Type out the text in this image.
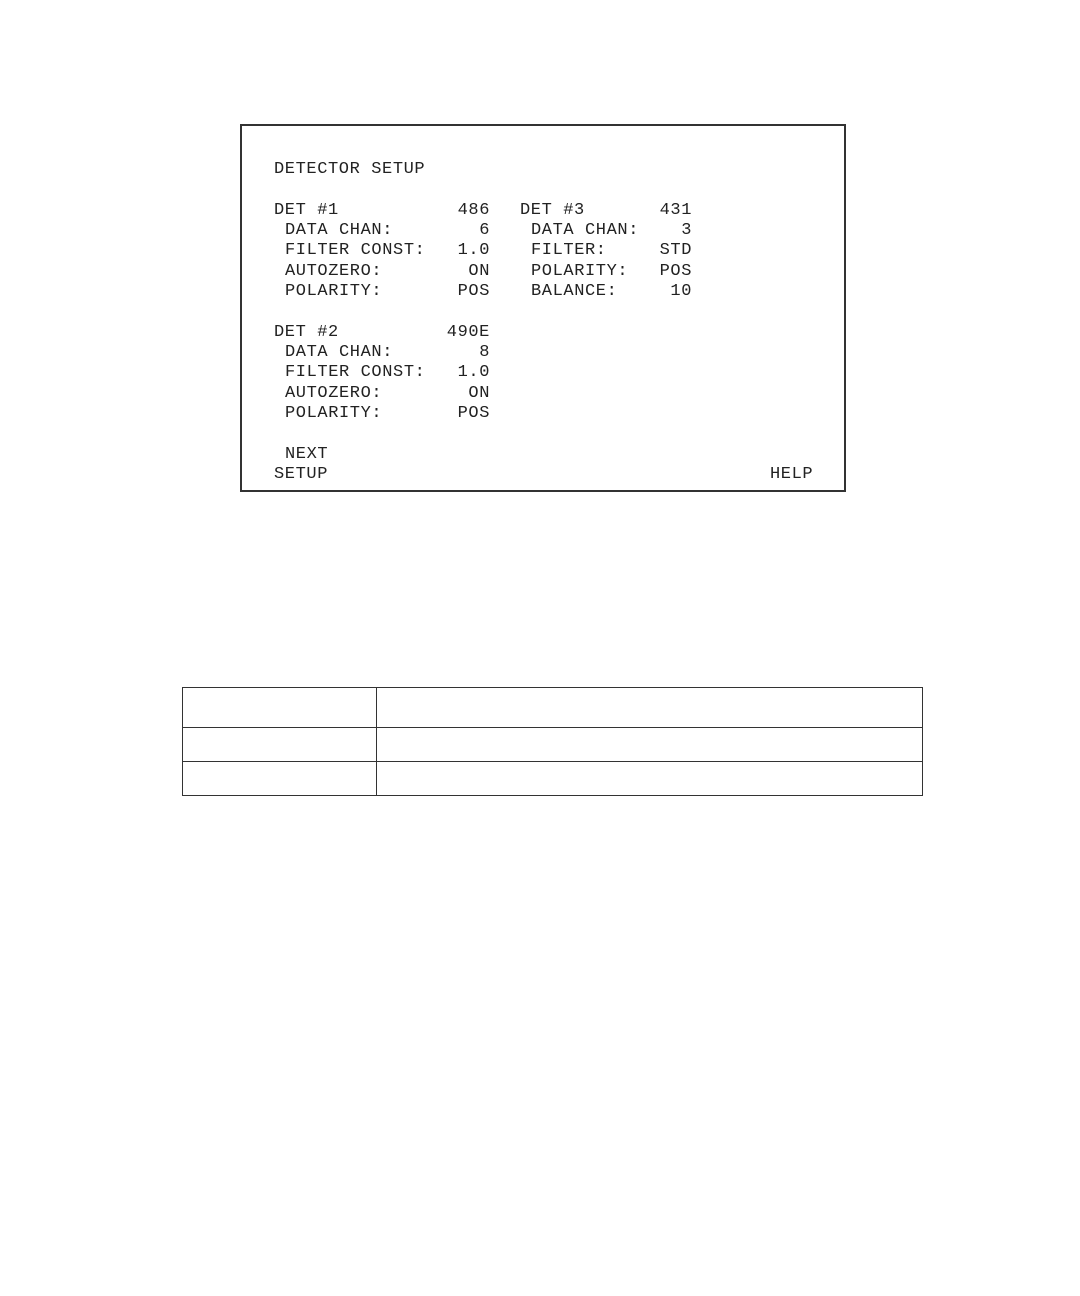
DETECTOR SETUP
DET #1	486
DATA CHAN:	6
FILTER CONST:	1.0
AUTOZERO:	ON
POLARITY:	POS
DET #3	431
DATA CHAN:	3
FILTER:	STD
POLARITY:	POS
BALANCE:	10
DET #2	490E
DATA CHAN:	8
FILTER CONST:	1.0
AUTOZERO:	ON
POLARITY:	POS
NEXT
SETUP	HELP
